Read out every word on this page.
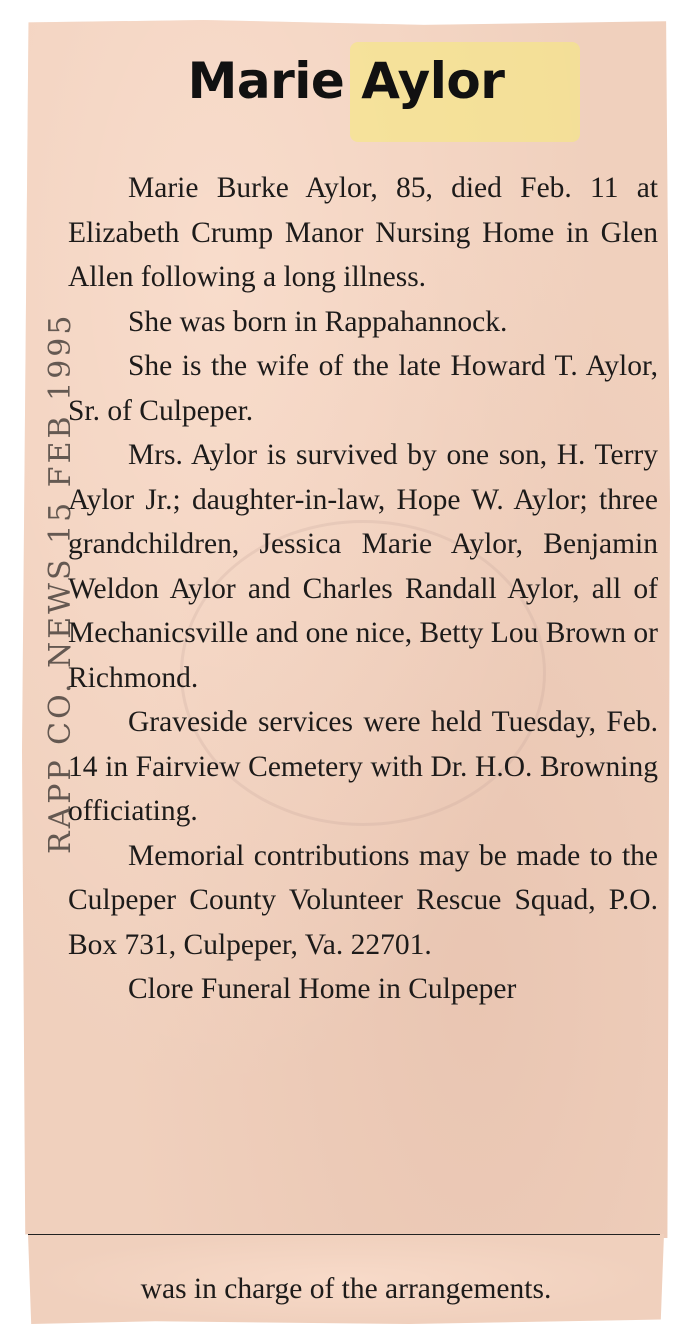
Marie Aylor
RAPP CO. NEWS 15 FEB 1995

Marie Burke Aylor, 85, died Feb. 11 at Elizabeth Crump Manor Nursing Home in Glen Allen following a long illness.

She was born in Rappahannock.

She is the wife of the late Howard T. Aylor, Sr. of Culpeper.

Mrs. Aylor is survived by one son, H. Terry Aylor Jr.; daughter-in-law, Hope W. Aylor; three grandchildren, Jessica Marie Aylor, Benjamin Weldon Aylor and Charles Randall Aylor, all of Mechanicsville and one nice, Betty Lou Brown or Richmond.

Graveside services were held Tuesday, Feb. 14 in Fairview Cemetery with Dr. H.O. Browning officiating.

Memorial contributions may be made to the Culpeper County Volunteer Rescue Squad, P.O. Box 731, Culpeper, Va. 22701.

Clore Funeral Home in Culpeper

was in charge of the arrangements.
